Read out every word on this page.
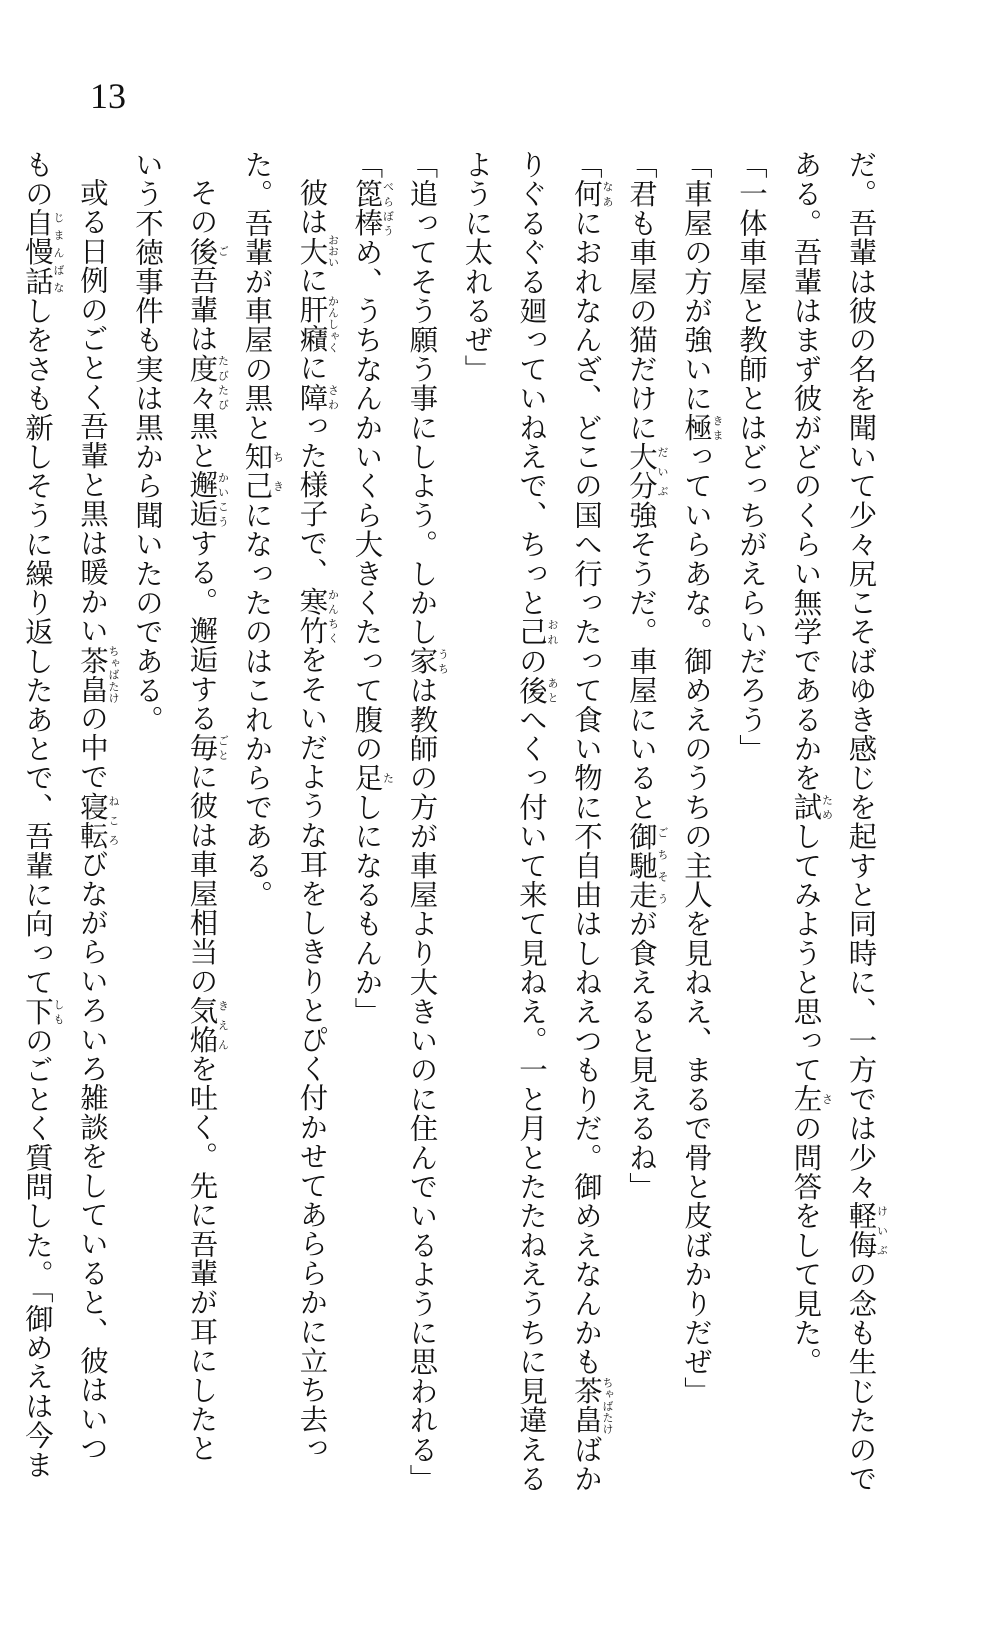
13
だ。吾輩は彼の名を聞いて少々尻こそばゆき感じを起すと同時に、一方では少々軽侮けいぶの念も生じたので
ある。吾輩はまず彼がどのくらい無学であるかを試ためしてみようと思って左さの問答をして見た。
「一体車屋と教師とはどっちがえらいだろう」
「車屋の方が強いに極きまっていらあな。御めえのうちの主人を見ねえ、まるで骨と皮ばかりだぜ」
「君も車屋の猫だけに大分だいぶ強そうだ。車屋にいると御馳走ごちそうが食えると見えるね」
「何なあにおれなんざ、どこの国へ行ったって食い物に不自由はしねえつもりだ。御めえなんかも茶畠ちゃばたけばか
りぐるぐる廻っていねえで、ちっと己おれの後あとへくっ付いて来て見ねえ。一と月とたたねえうちに見違える
ように太れるぜ」
「追ってそう願う事にしよう。しかし家うちは教師の方が車屋より大きいのに住んでいるように思われる」
「箆棒べらぼうめ、うちなんかいくら大きくたって腹の足たしになるもんか」
彼は大おおいに肝癪かんしゃくに障さわった様子で、寒竹かんちくをそいだような耳をしきりとぴく付かせてあららかに立ち去っ
た。吾輩が車屋の黒と知己ちきになったのはこれからである。
その後ご吾輩は度々たびたび黒と邂逅かいこうする。邂逅する毎ごとに彼は車屋相当の気焔きえんを吐く。先に吾輩が耳にしたと
いう不徳事件も実は黒から聞いたのである。
或る日例のごとく吾輩と黒は暖かい茶畠ちゃばたけの中で寝転ねころびながらいろいろ雑談をしていると、彼はいつ
もの自慢話じまんばなしをさも新しそうに繰り返したあとで、吾輩に向って下しものごとく質問した。「御めえは今ま
